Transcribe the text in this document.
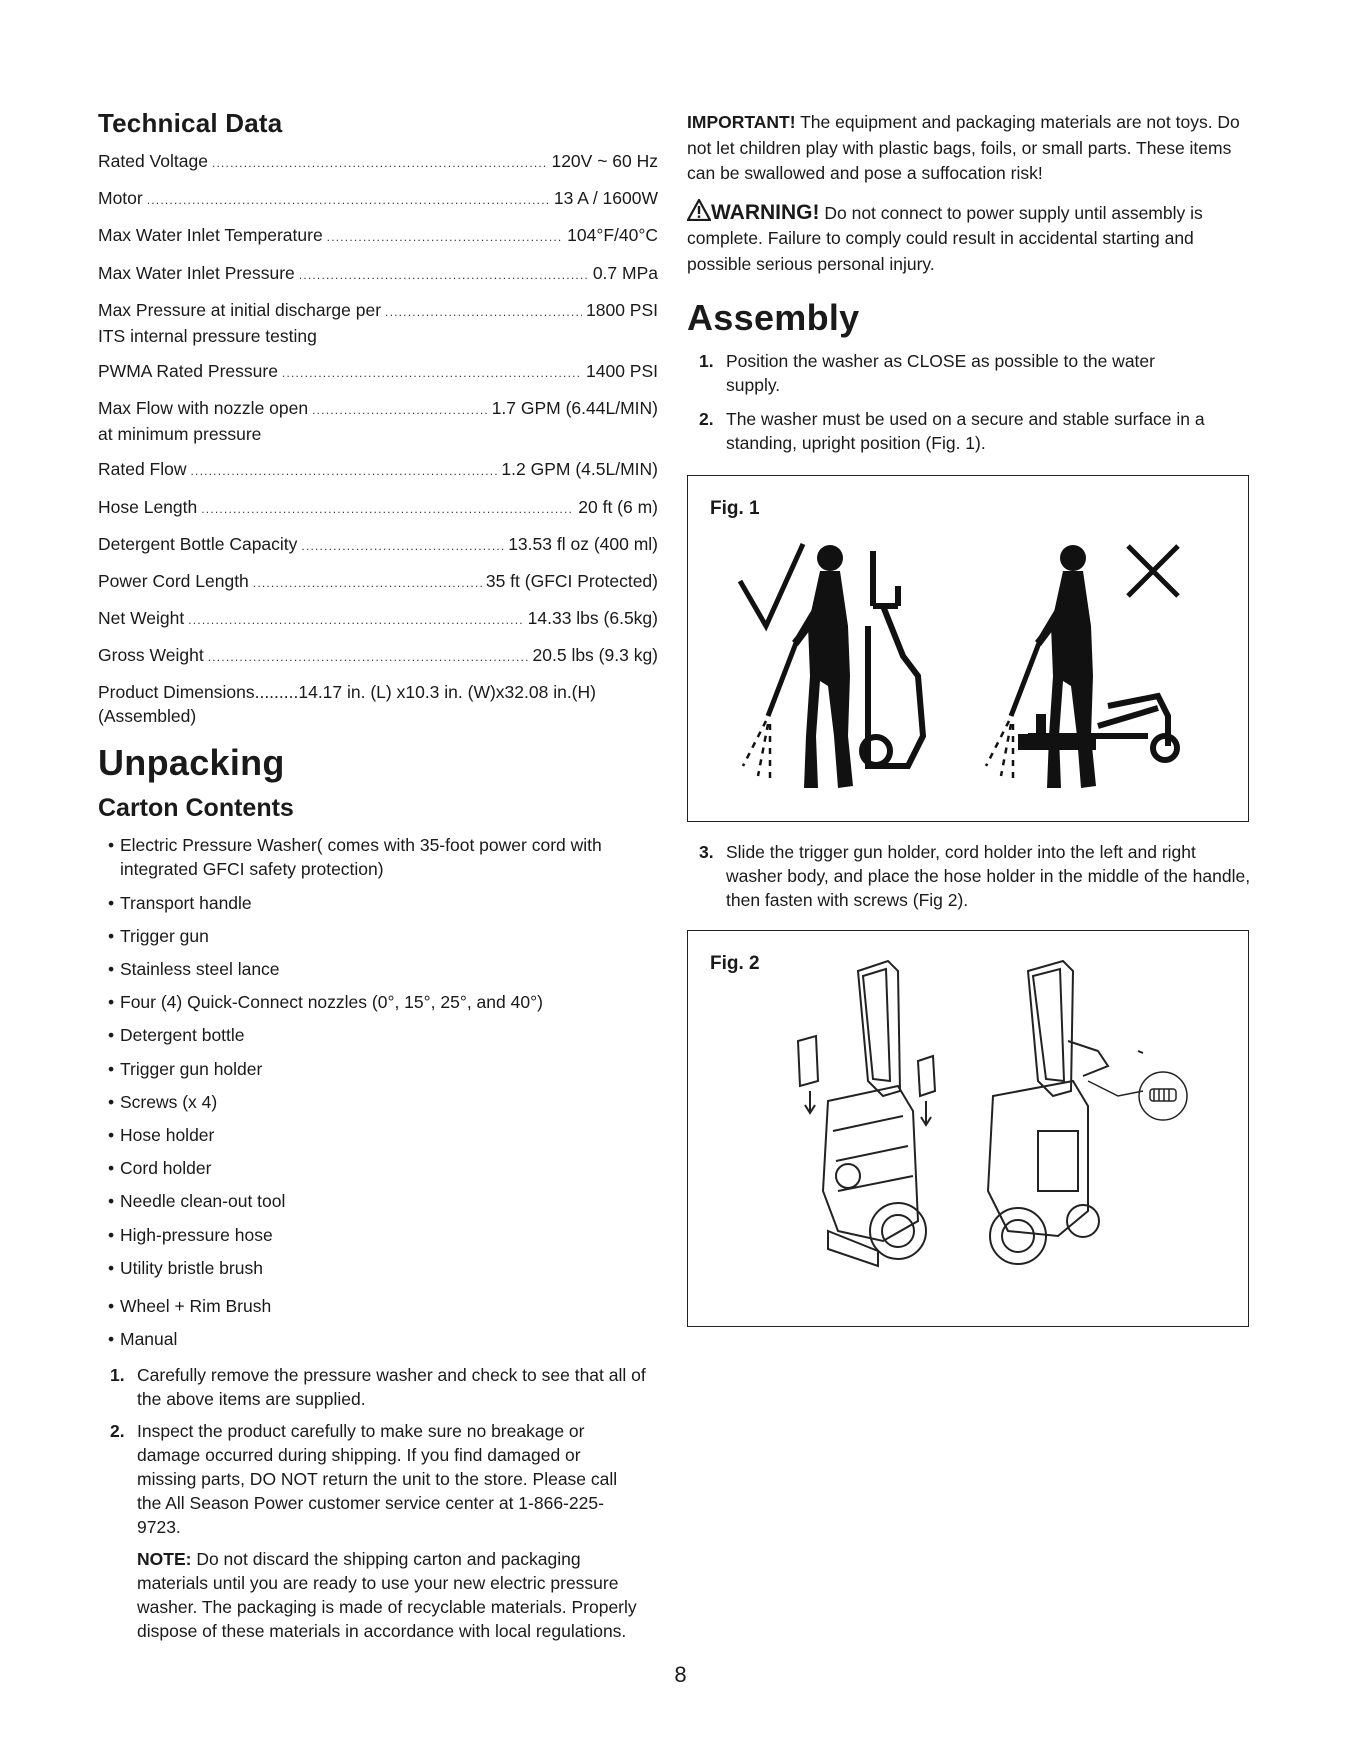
Technical Data
Rated Voltage .....	120V ~ 60 Hz
Motor .....	13 A / 1600W
Max Water Inlet Temperature .....	104°F/40°C
Max Water Inlet Pressure .....	0.7 MPa
Max Pressure at initial discharge per .....	1800 PSI
ITS internal pressure testing
PWMA Rated Pressure .....	1400 PSI
Max Flow with nozzle open .....	1.7 GPM (6.44L/MIN)
at minimum pressure
Rated Flow .....	1.2 GPM (4.5L/MIN)
Hose Length .....	20 ft (6 m)
Detergent Bottle Capacity .....	13.53 fl oz (400 ml)
Power Cord Length .....	35 ft (GFCI Protected)
Net Weight .....	14.33 lbs (6.5kg)
Gross Weight .....	20.5 lbs (9.3 kg)
Product Dimensions.........14.17 in. (L) x10.3 in. (W)x32.08 in.(H)
(Assembled)
Unpacking
Carton Contents
• Electric Pressure Washer( comes with 35-foot power cord with integrated GFCI safety protection)
• Transport handle
• Trigger gun
• Stainless steel lance
• Four (4) Quick-Connect nozzles (0°, 15°, 25°, and 40°)
• Detergent bottle
• Trigger gun holder
• Screws (x 4)
• Hose holder
• Cord holder
• Needle clean-out tool
• High-pressure hose
• Utility bristle brush
• Wheel + Rim Brush
• Manual
1. Carefully remove the pressure washer and check to see that all of the above items are supplied.
2. Inspect the product carefully to make sure no breakage or damage occurred during shipping. If you find damaged or missing parts, DO NOT return the unit to the store. Please call the All Season Power customer service center at 1-866-225-9723.
NOTE: Do not discard the shipping carton and packaging materials until you are ready to use your new electric pressure washer. The packaging is made of recyclable materials. Properly dispose of these materials in accordance with local regulations.
IMPORTANT! The equipment and packaging materials are not toys. Do not let children play with plastic bags, foils, or small parts. These items can be swallowed and pose a suffocation risk!
WARNING! Do not connect to power supply until assembly is complete. Failure to comply could result in accidental starting and possible serious personal injury.
Assembly
1. Position the washer as CLOSE as possible to the water supply.
2. The washer must be used on a secure and stable surface in a standing, upright position (Fig. 1).
Fig. 1
3. Slide the trigger gun holder, cord holder into the left and right washer body, and place the hose holder in the middle of the handle, then fasten with screws (Fig 2).
Fig. 2
8
